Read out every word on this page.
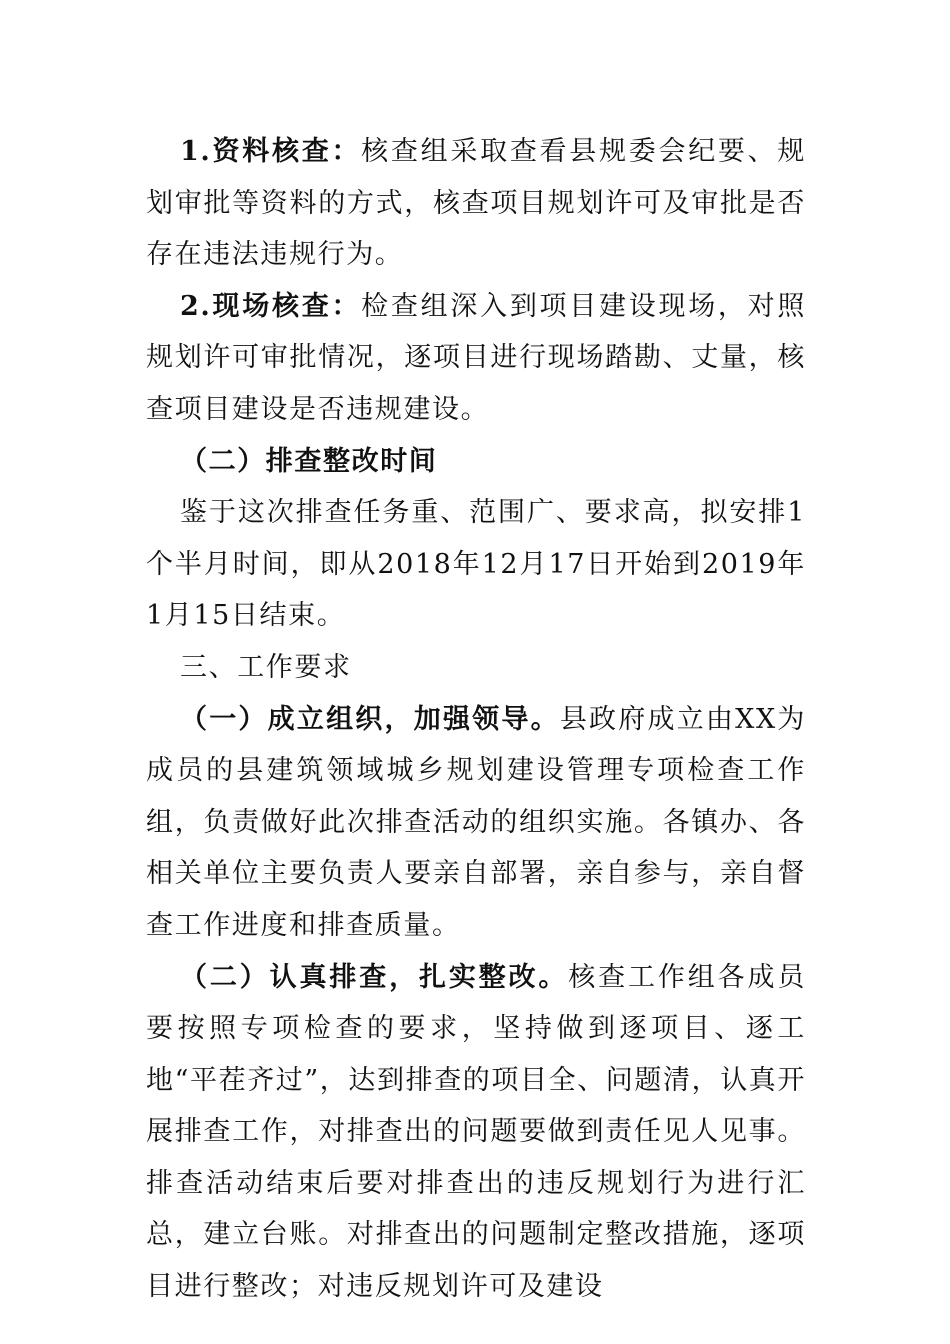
1.资料核查：核查组采取查看县规委会纪要、规划审批等资料的方式，核查项目规划许可及审批是否存在违法违规行为。

2.现场核查：检查组深入到项目建设现场，对照规划许可审批情况，逐项目进行现场踏勘、丈量，核查项目建设是否违规建设。

（二）排查整改时间

鉴于这次排查任务重、范围广、要求高，拟安排1个半月时间，即从2018年12月17日开始到2019年1月15日结束。

三、工作要求

（一）成立组织，加强领导。县政府成立由XX为成员的县建筑领域城乡规划建设管理专项检查工作组，负责做好此次排查活动的组织实施。各镇办、各相关单位主要负责人要亲自部署，亲自参与，亲自督查工作进度和排查质量。

（二）认真排查，扎实整改。核查工作组各成员要按照专项检查的要求，坚持做到逐项目、逐工地“平茬齐过”，达到排查的项目全、问题清，认真开展排查工作，对排查出的问题要做到责任见人见事。排查活动结束后要对排查出的违反规划行为进行汇总，建立台账。对排查出的问题制定整改措施，逐项目进行整改；对违反规划许可及建设
